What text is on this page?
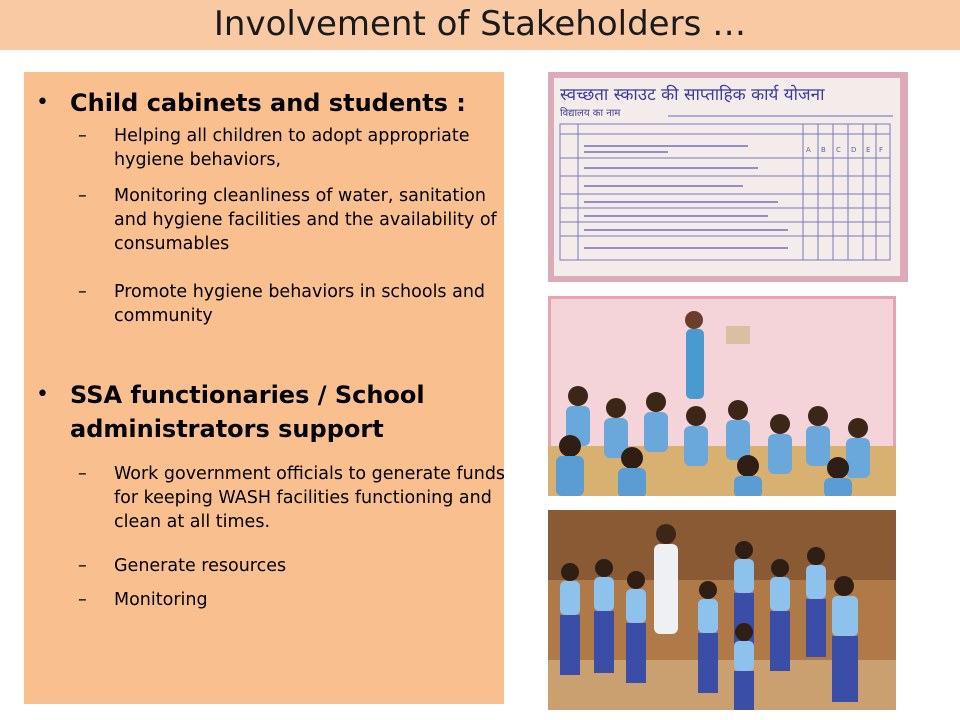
Involvement of Stakeholders …
• Child cabinets and students :
– Helping all children to adopt appropriate hygiene behaviors,
– Monitoring cleanliness of water, sanitation and hygiene facilities and the availability of consumables
– Promote hygiene behaviors in schools and community
• SSA functionaries / School administrators support
– Work government officials to generate funds for keeping WASH facilities functioning and clean at all times.
– Generate resources
– Monitoring
स्वच्छता स्काउट की साप्ताहिक कार्य योजना
विद्यालय का नाम
A B C D E F
